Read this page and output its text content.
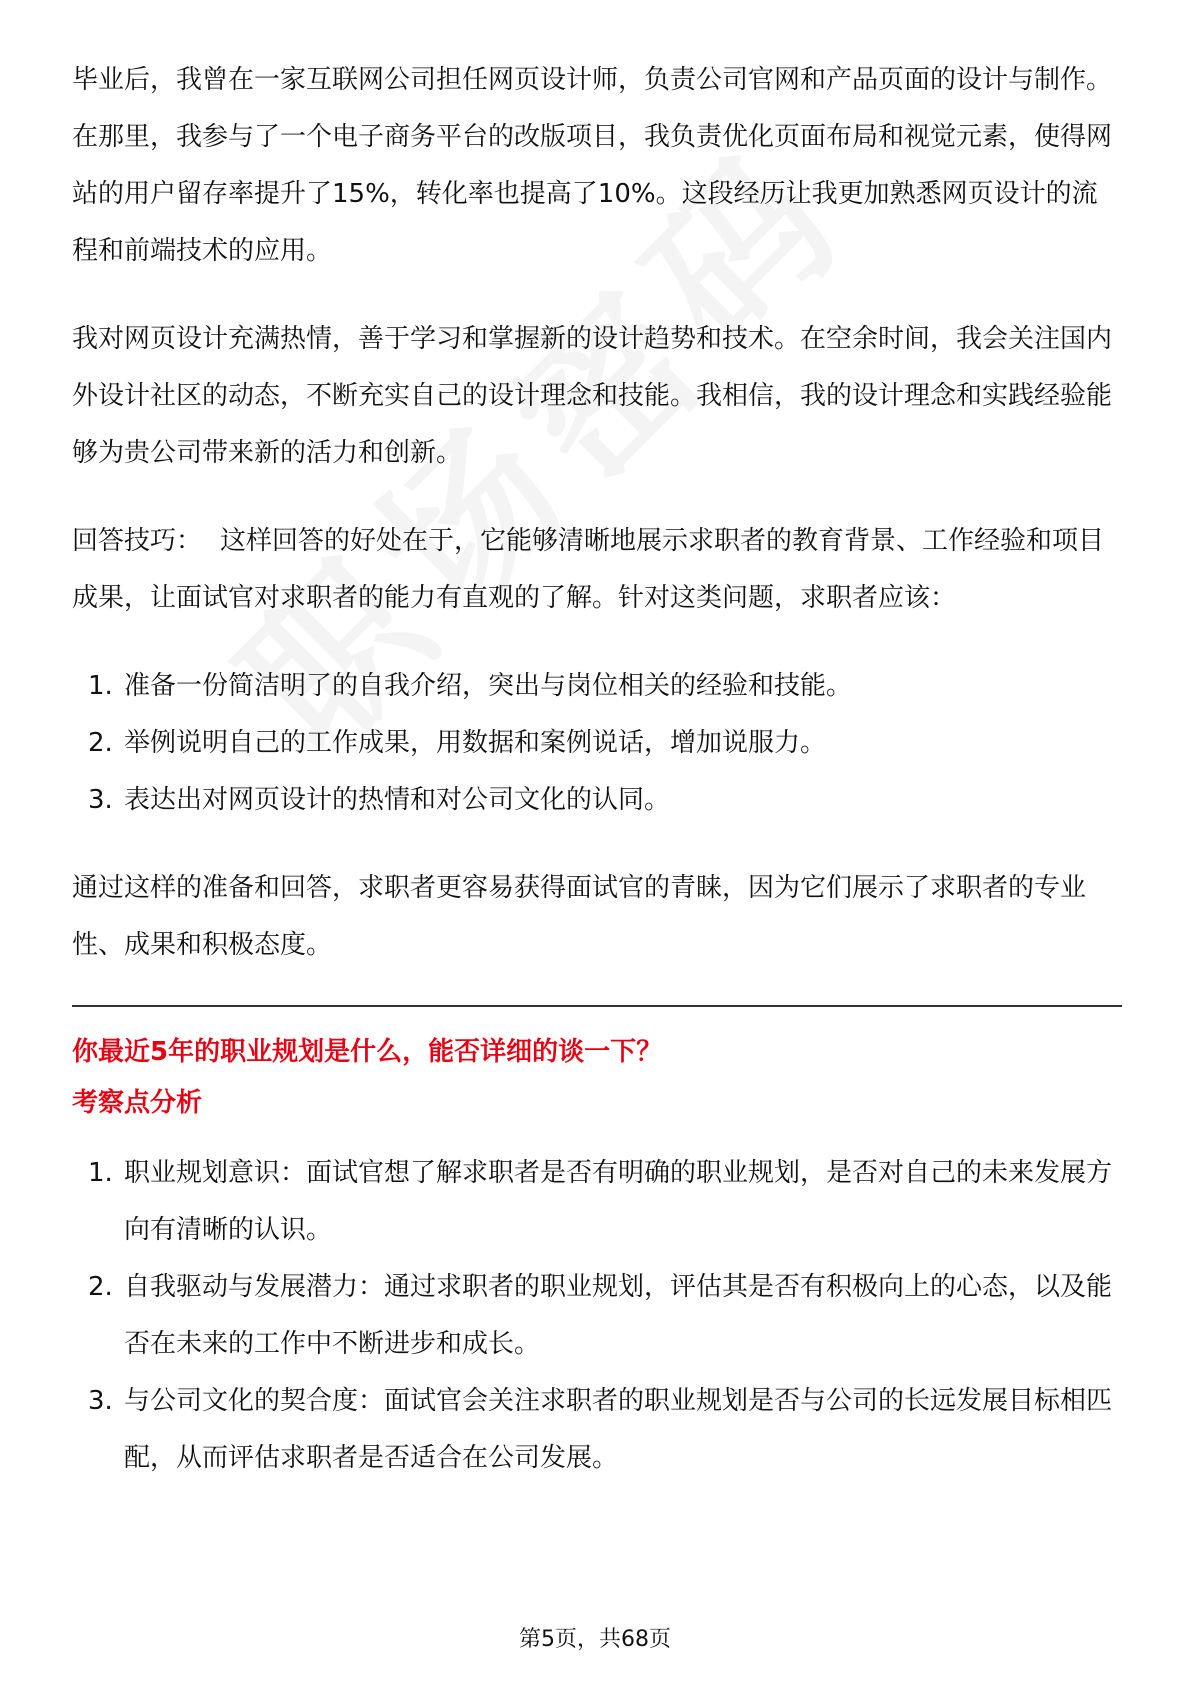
毕业后，我曾在一家互联网公司担任网页设计师，负责公司官网和产品页面的设计与制作。在那里，我参与了一个电子商务平台的改版项目，我负责优化页面布局和视觉元素，使得网站的用户留存率提升了15%，转化率也提高了10%。这段经历让我更加熟悉网页设计的流程和前端技术的应用。

我对网页设计充满热情，善于学习和掌握新的设计趋势和技术。在空余时间，我会关注国内外设计社区的动态，不断充实自己的设计理念和技能。我相信，我的设计理念和实践经验能够为贵公司带来新的活力和创新。

回答技巧： 这样回答的好处在于，它能够清晰地展示求职者的教育背景、工作经验和项目成果，让面试官对求职者的能力有直观的了解。针对这类问题，求职者应该：

1. 准备一份简洁明了的自我介绍，突出与岗位相关的经验和技能。
2. 举例说明自己的工作成果，用数据和案例说话，增加说服力。
3. 表达出对网页设计的热情和对公司文化的认同。

通过这样的准备和回答，求职者更容易获得面试官的青睐，因为它们展示了求职者的专业性、成果和积极态度。

你最近5年的职业规划是什么，能否详细的谈一下？

考察点分析

1. 职业规划意识：面试官想了解求职者是否有明确的职业规划，是否对自己的未来发展方向有清晰的认识。
2. 自我驱动与发展潜力：通过求职者的职业规划，评估其是否有积极向上的心态，以及能否在未来的工作中不断进步和成长。
3. 与公司文化的契合度：面试官会关注求职者的职业规划是否与公司的长远发展目标相匹配，从而评估求职者是否适合在公司发展。
第5页，共68页
